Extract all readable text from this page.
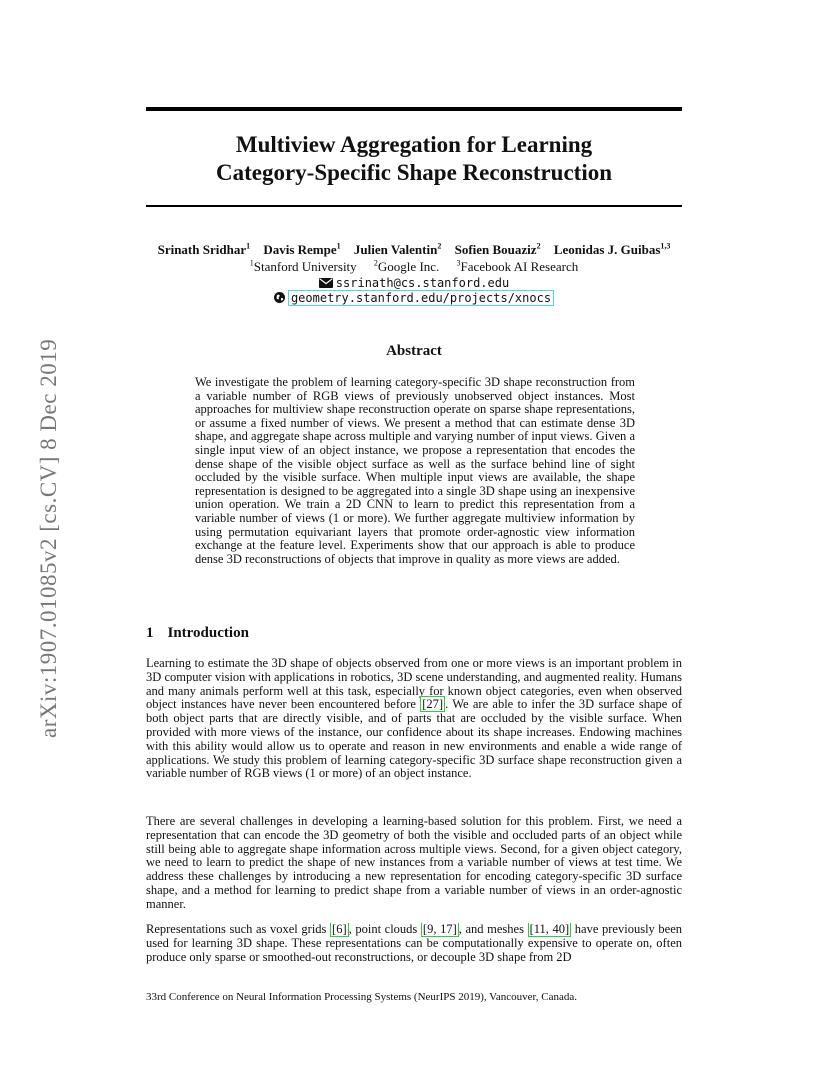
Multiview Aggregation for Learning
Category-Specific Shape Reconstruction
arXiv:1907.01085v2 [cs.CV] 8 Dec 2019
Srinath Sridhar$^1$ Davis Rempe$^1$ Julien Valentin$^2$ Sofien Bouaziz$^2$ Leonidas J. Guibas$^{1,3}$
$^1$Stanford University $^2$Google Inc. $^3$Facebook AI Research
ssrinath@cs.stanford.edu
geometry.stanford.edu/projects/xnocs
Abstract
We investigate the problem of learning category-specific 3D shape reconstruction from a variable number of RGB views of previously unobserved object instances. Most approaches for multiview shape reconstruction operate on sparse shape representations, or assume a fixed number of views. We present a method that can estimate dense 3D shape, and aggregate shape across multiple and varying number of input views. Given a single input view of an object instance, we propose a representation that encodes the dense shape of the visible object surface as well as the surface behind line of sight occluded by the visible surface. When multiple input views are available, the shape representation is designed to be aggregated into a single 3D shape using an inexpensive union operation. We train a 2D CNN to learn to predict this representation from a variable number of views (1 or more). We further aggregate multiview information by using permutation equivariant layers that promote order-agnostic view information exchange at the feature level. Experiments show that our approach is able to produce dense 3D reconstructions of objects that improve in quality as more views are added.
1 Introduction

Learning to estimate the 3D shape of objects observed from one or more views is an important problem in 3D computer vision with applications in robotics, 3D scene understanding, and augmented reality. Humans and many animals perform well at this task, especially for known object categories, even when observed object instances have never been encountered before [27] . We are able to infer the 3D surface shape of both object parts that are directly visible, and of parts that are occluded by the visible surface. When provided with more views of the instance, our confidence about its shape increases. Endowing machines with this ability would allow us to operate and reason in new environments and enable a wide range of applications. We study this problem of learning category-specific 3D surface shape reconstruction given a variable number of RGB views (1 or more) of an object instance.

There are several challenges in developing a learning-based solution for this problem. First, we need a representation that can encode the 3D geometry of both the visible and occluded parts of an object while still being able to aggregate shape information across multiple views. Second, for a given object category, we need to learn to predict the shape of new instances from a variable number of views at test time. We address these challenges by introducing a new representation for encoding category-specific 3D surface shape, and a method for learning to predict shape from a variable number of views in an order-agnostic manner.

Representations such as voxel grids [6] , point clouds [9, 17] , and meshes [11, 40] have previously been used for learning 3D shape. These representations can be computationally expensive to operate on, often produce only sparse or smoothed-out reconstructions, or decouple 3D shape from 2D

33rd Conference on Neural Information Processing Systems (NeurIPS 2019), Vancouver, Canada.
